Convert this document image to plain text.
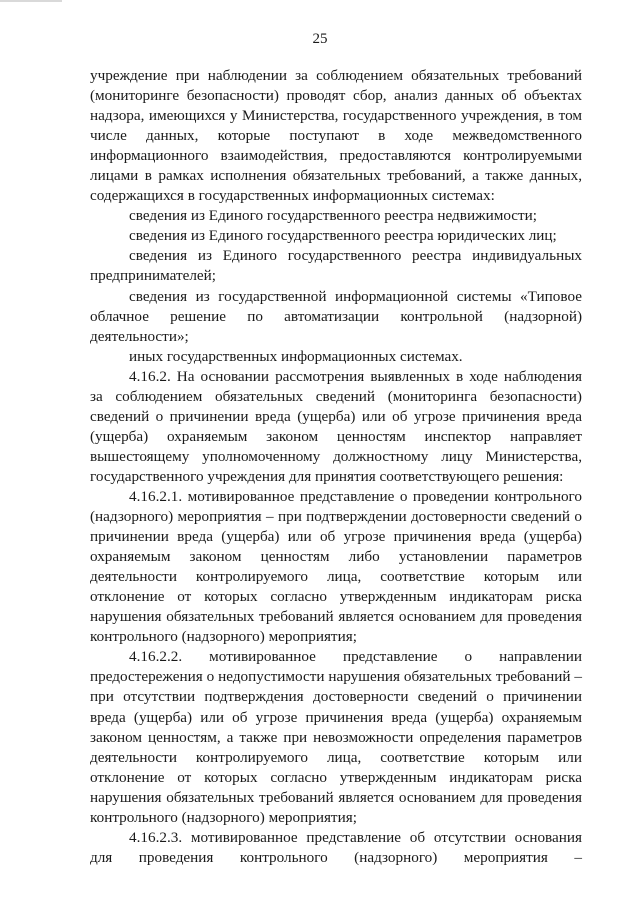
25

учреждение при наблюдении за соблюдением обязательных требований (мониторинге безопасности) проводят сбор, анализ данных об объектах надзора, имеющихся у Министерства, государственного учреждения, в том числе данных, которые поступают в ходе межведомственного информационного взаимодействия, предоставляются контролируемыми лицами в рамках исполнения обязательных требований, а также данных, содержащихся в государственных информационных системах:

сведения из Единого государственного реестра недвижимости;

сведения из Единого государственного реестра юридических лиц;

сведения из Единого государственного реестра индивидуальных предпринимателей;

сведения из государственной информационной системы «Типовое облачное решение по автоматизации контрольной (надзорной) деятельности»;

иных государственных информационных системах.

4.16.2. На основании рассмотрения выявленных в ходе наблюдения за соблюдением обязательных сведений (мониторинга безопасности) сведений о причинении вреда (ущерба) или об угрозе причинения вреда (ущерба) охраняемым законом ценностям инспектор направляет вышестоящему уполномоченному должностному лицу Министерства, государственного учреждения для принятия соответствующего решения:

4.16.2.1. мотивированное представление о проведении контрольного (надзорного) мероприятия – при подтверждении достоверности сведений о причинении вреда (ущерба) или об угрозе причинения вреда (ущерба) охраняемым законом ценностям либо установлении параметров деятельности контролируемого лица, соответствие которым или отклонение от которых согласно утвержденным индикаторам риска нарушения обязательных требований является основанием для проведения контрольного (надзорного) мероприятия;

4.16.2.2. мотивированное представление о направлении предостережения о недопустимости нарушения обязательных требований – при отсутствии подтверждения достоверности сведений о причинении вреда (ущерба) или об угрозе причинения вреда (ущерба) охраняемым законом ценностям, а также при невозможности определения параметров деятельности контролируемого лица, соответствие которым или отклонение от которых согласно утвержденным индикаторам риска нарушения обязательных требований является основанием для проведения контрольного (надзорного) мероприятия;

4.16.2.3. мотивированное представление об отсутствии основания для проведения контрольного (надзорного) мероприятия –
